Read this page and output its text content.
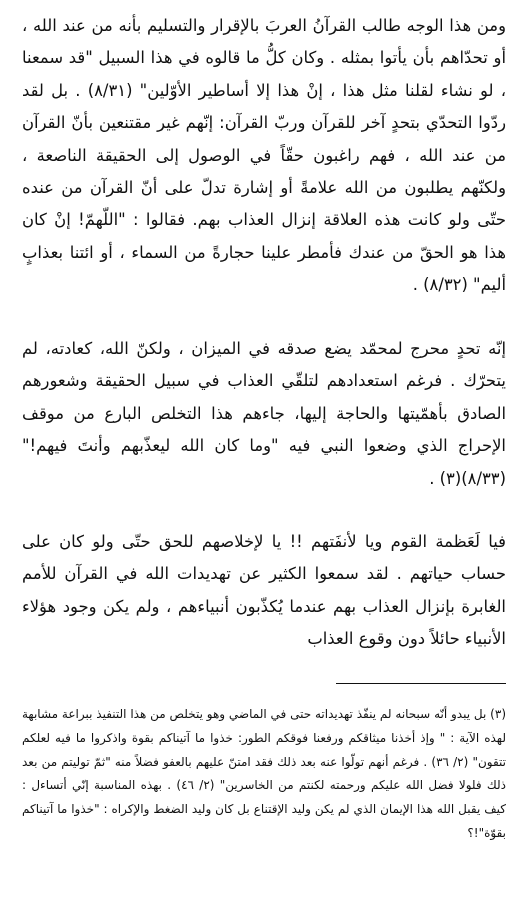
ومن هذا الوجه طالب القرآنُ العربَ بالإقرار والتسليم بأنه من عند الله ، أو تحدّاهم بأن يأتوا بمثله . وكان كلُّ ما قالوه في هذا السبيل "قد سمعنا ، لو نشاء لقلنا مثل هذا ، إنْ هذا إلا أساطير الأوّلين" (٨/٣١) . بل لقد ردّوا التحدّي بتحدٍ آخر للقرآن وربّ القرآن: إنّهم غير مقتنعين بأنّ القرآن من عند الله ، فهم راغبون حقّاً في الوصول إلى الحقيقة الناصعة ، ولكنّهم يطلبون من الله علامةً أو إشارة تدلّ على أنّ القرآن من عنده حتّى ولو كانت هذه العلاقة إنزال العذاب بهم. فقالوا : "اللّهمّ! إنْ كان هذا هو الحقّ من عندك فأمطر علينا حجارةً من السماء ، أو ائتنا بعذابٍ أليم" (٨/٣٢) .

إنّه تحدٍ محرج لمحمّد يضع صدقه في الميزان ، ولكنّ الله، كعادته، لم يتحرّك . فرغم استعدادهم لتلقّي العذاب في سبيل الحقيقة وشعورهم الصادق بأهمّيتها والحاجة إليها، جاءهم هذا التخلص البارع من موقف الإحراج الذي وضعوا النبي فيه "وما كان الله ليعذّبهم وأنتَ فيهم!" (٨/٣٣)(٣) .

فيا لَعَظمة القوم ويا لأنفَتهم !! يا لإخلاصهم للحق حتّى ولو كان على حساب حياتهم . لقد سمعوا الكثير عن تهديدات الله في القرآن للأمم الغابرة بإنزال العذاب بهم عندما يُكذّبون أنبياءهم ، ولم يكن وجود هؤلاء الأنبياء حائلاً دون وقوع العذاب

(٣) بل يبدو أنّه سبحانه لم ينفّذ تهديداته حتى في الماضي وهو يتخلص من هذا التنفيذ ببراعة مشابهة لهذه الآية : " وإذ أخذنا ميثاقكم ورفعنا فوقكم الطور: خذوا ما آتيناكم بقوة واذكروا ما فيه لعلكم تتقون" (٢/ ٣٦) . فرغم أنهم تولّوا عنه بعد ذلك فقد امتنّ عليهم بالعفو فضلاً منه "ثمّ توليتم من بعد ذلك فلولا فضل الله عليكم ورحمته لكنتم من الخاسرين" (٢/ ٤٦) . بهذه المناسبة إنّي أتساءل : كيف يقبل الله هذا الإيمان الذي لم يكن وليد الإقتناع بل كان وليد الضغط والإكراه : "خذوا ما آتيناكم بقوّة"!؟
